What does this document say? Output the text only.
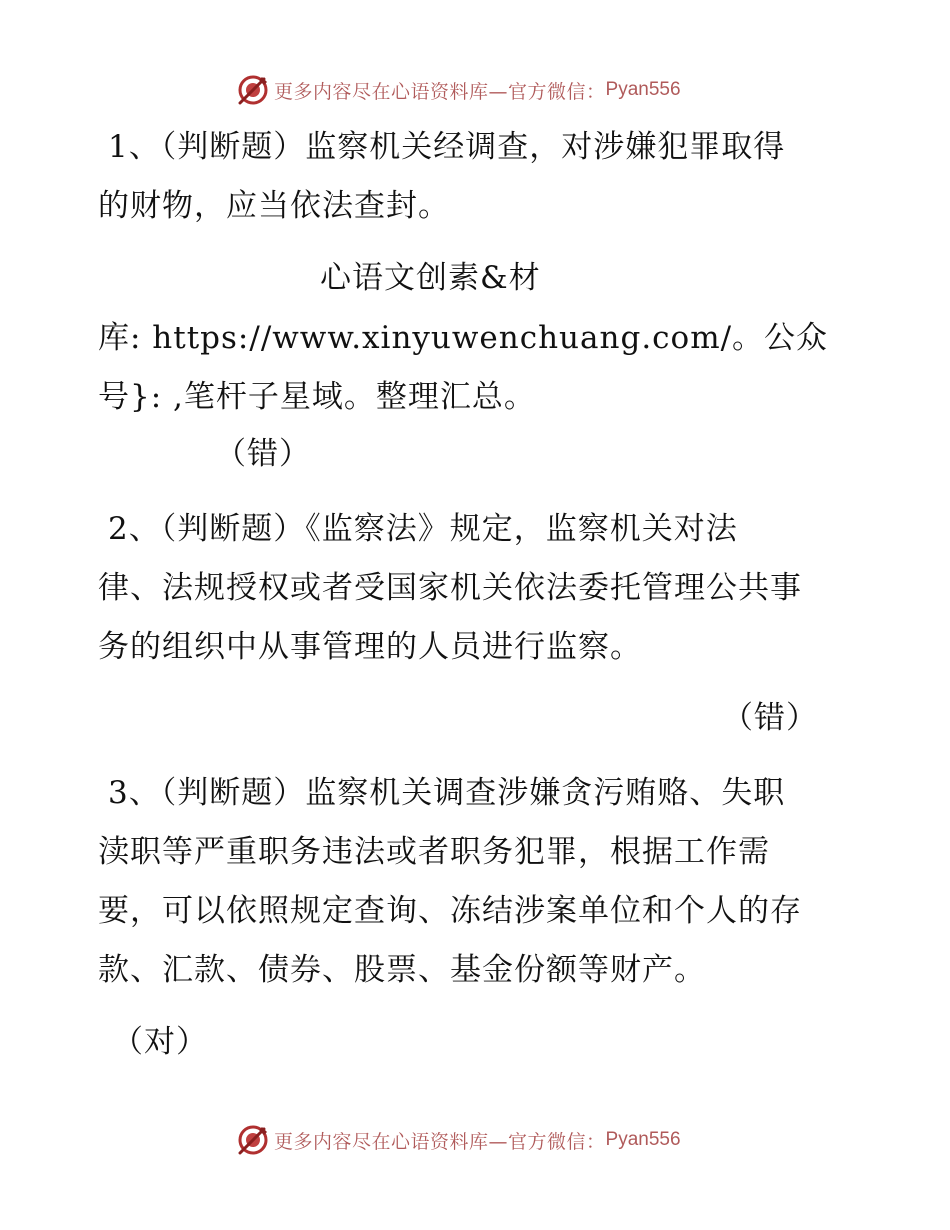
更多内容尽在心语资料库—官方微信： Pyan556
1、（判断题）监察机关经调查，对涉嫌犯罪取得
的财物，应当依法查封。
心语文创素&材
库: https://www.xinyuwenchuang.com/。公众
号}: ,笔杆子星域。整理汇总。
（错）
2、（判断题）《监察法》规定，监察机关对法
律、法规授权或者受国家机关依法委托管理公共事
务的组织中从事管理的人员进行监察。
（错）
3、（判断题）监察机关调查涉嫌贪污贿赂、失职
渎职等严重职务违法或者职务犯罪，根据工作需
要，可以依照规定查询、冻结涉案单位和个人的存
款、汇款、债券、股票、基金份额等财产。
（对）
更多内容尽在心语资料库—官方微信： Pyan556
